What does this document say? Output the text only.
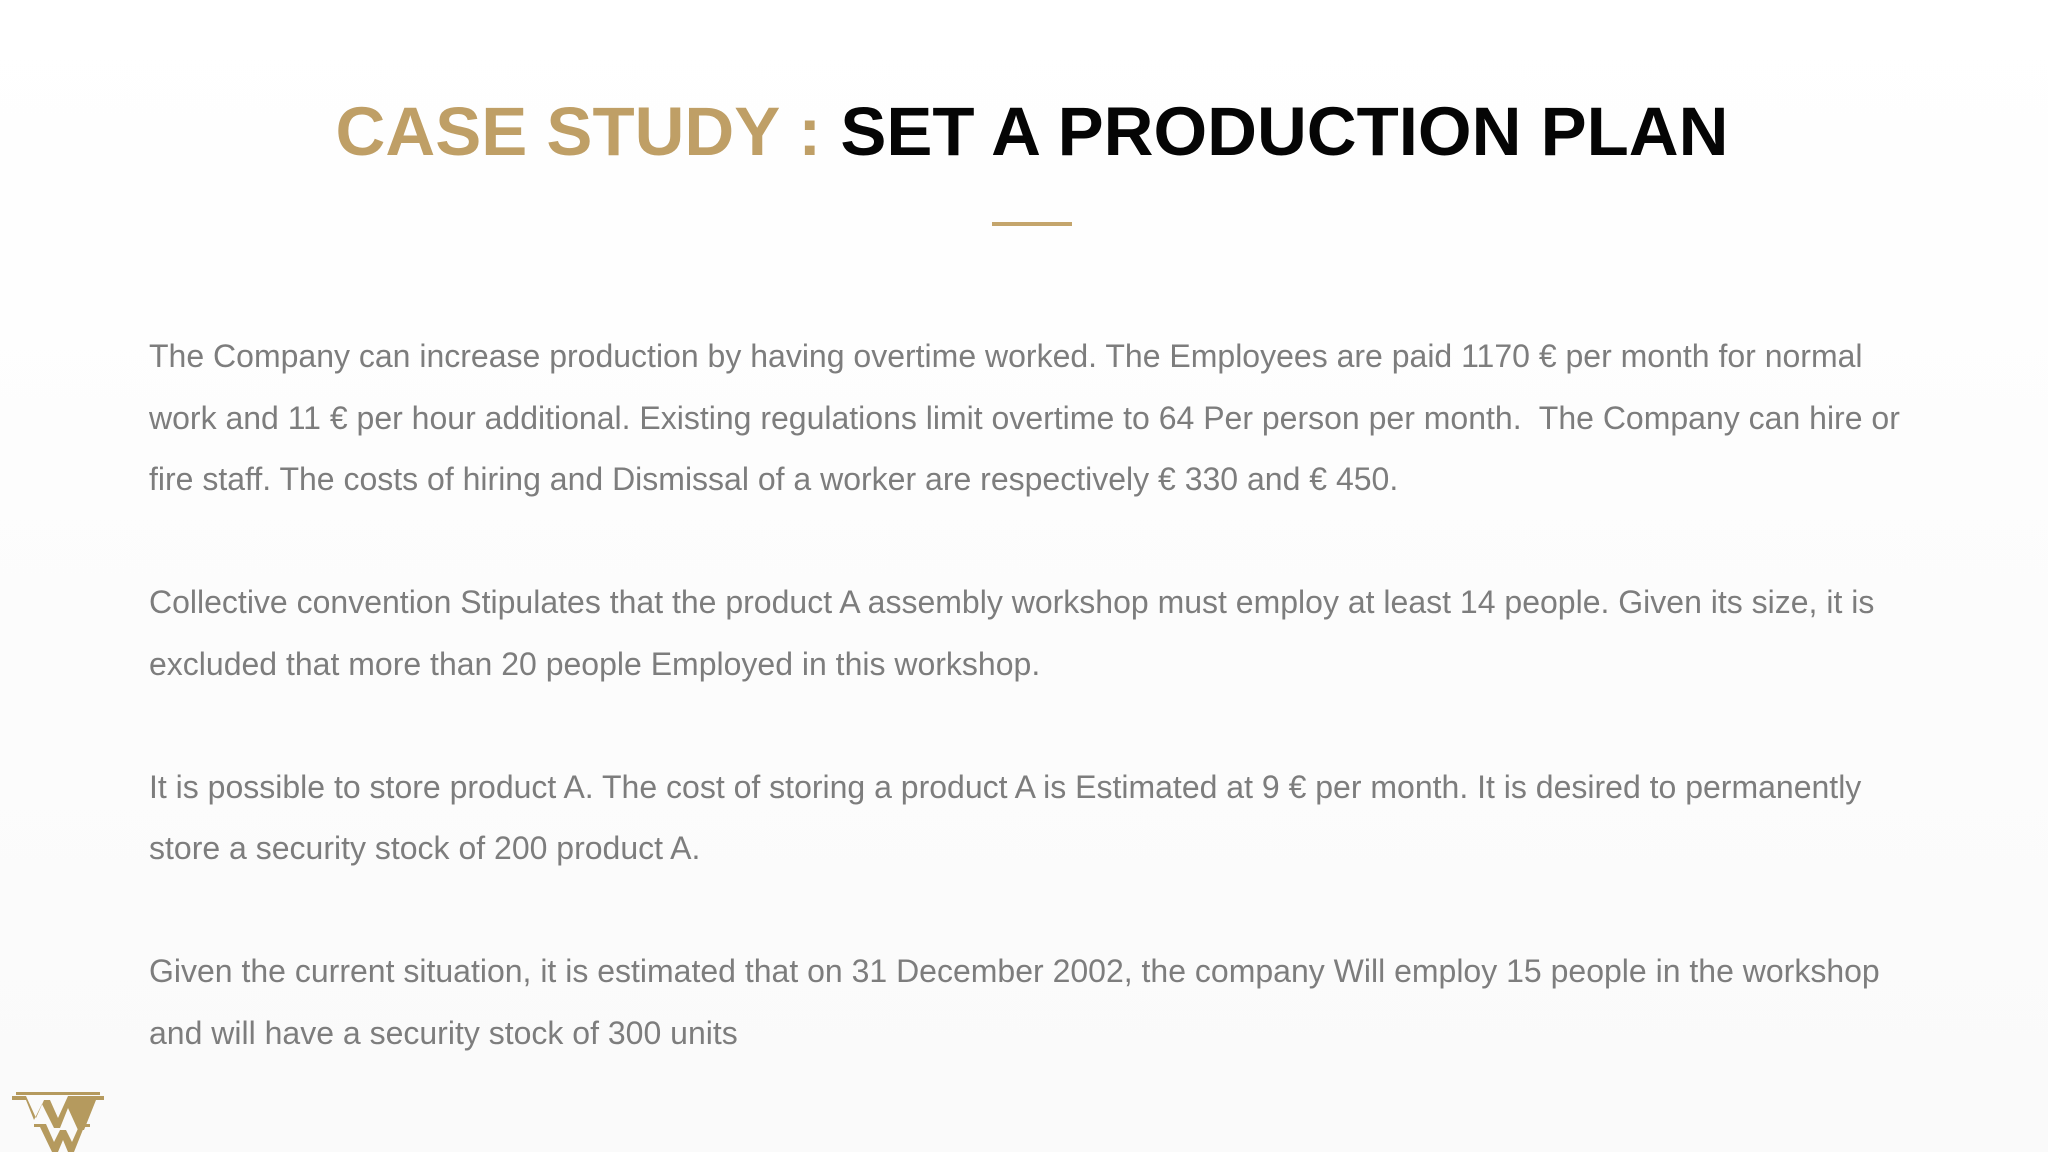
CASE STUDY : SET A PRODUCTION PLAN

The Company can increase production by having overtime worked. The Employees are paid 1170 € per month for normal work and 11 € per hour additional. Existing regulations limit overtime to 64 Per person per month.  The Company can hire or fire staff. The costs of hiring and Dismissal of a worker are respectively € 330 and € 450.

Collective convention Stipulates that the product A assembly workshop must employ at least 14 people. Given its size, it is excluded that more than 20 people Employed in this workshop.

It is possible to store product A. The cost of storing a product A is Estimated at 9 € per month. It is desired to permanently store a security stock of 200 product A.

Given the current situation, it is estimated that on 31 December 2002, the company Will employ 15 people in the workshop and will have a security stock of 300 units
